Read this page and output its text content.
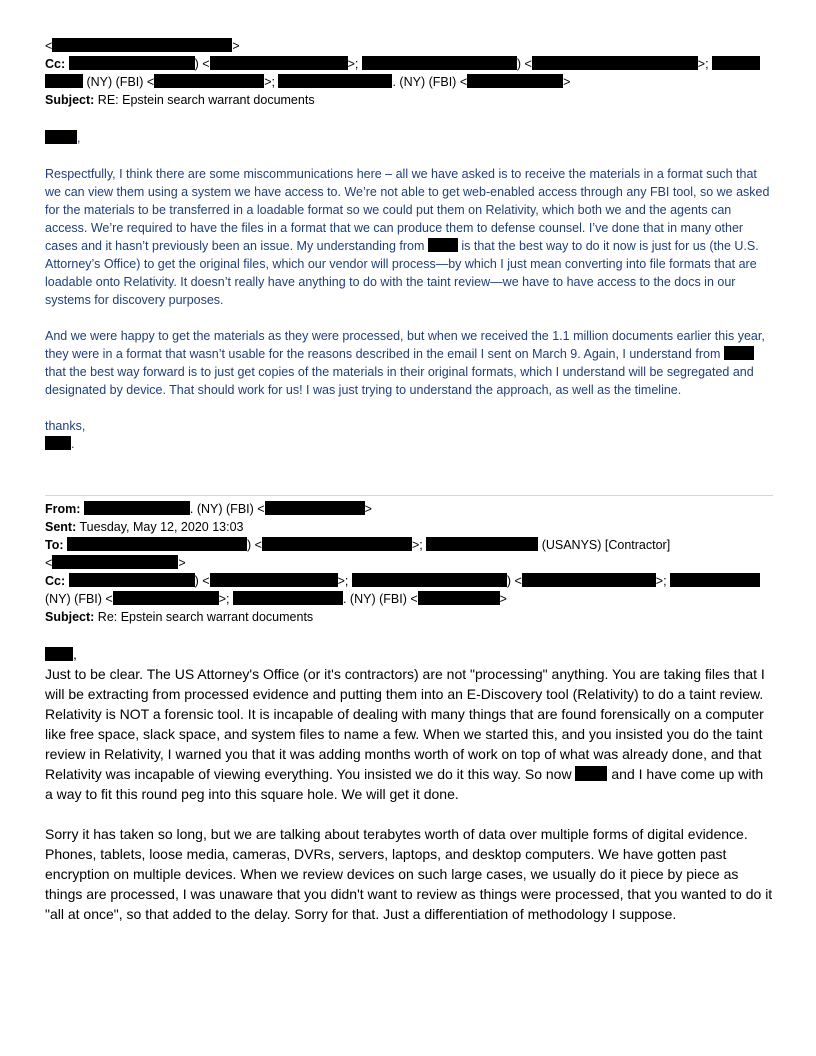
<	>
Cc:	) <	>;	) <	>;
(NY) (FBI) <	>;	. (NY) (FBI) <	>
Subject: RE: Epstein search warrant documents

,

Respectfully, I think there are some miscommunications here – all we have asked is to receive the materials in a format such that we can view them using a system we have access to. We’re not able to get web-enabled access through any FBI tool, so we asked for the materials to be transferred in a loadable format so we could put them on Relativity, which both we and the agents can access. We’re required to have the files in a format that we can produce them to defense counsel. I’ve done that in many other cases and it hasn’t previously been an issue. My understanding from	is that the best way to do it now is just for us (the U.S. Attorney’s Office) to get the original files, which our vendor will process—by which I just mean converting into file formats that are loadable onto Relativity. It doesn’t really have anything to do with the taint review—we have to have access to the docs in our systems for discovery purposes.

And we were happy to get the materials as they were processed, but when we received the 1.1 million documents earlier this year, they were in a format that wasn’t usable for the reasons described in the email I sent on March 9. Again, I understand from  that the best way forward is to just get copies of the materials in their original formats, which I understand will be segregated and designated by device. That should work for us! I was just trying to understand the approach, as well as the timeline.

thanks,

.

From:	. (NY) (FBI) <	>
Sent: Tuesday, May 12, 2020 13:03
To:	) <	>;	(USANYS) [Contractor]
<	>
Cc:	) <	>;	) <	>;
(NY) (FBI) <	>;	. (NY) (FBI) <	>
Subject: Re: Epstein search warrant documents

,

Just to be clear. The US Attorney's Office (or it's contractors) are not "processing" anything. You are taking files that I will be extracting from processed evidence and putting them into an E-Discovery tool (Relativity) to do a taint review.

Relativity is NOT a forensic tool. It is incapable of dealing with many things that are found forensically on a computer like free space, slack space, and system files to name a few. When we started this, and you insisted you do the taint review in Relativity, I warned you that it was adding months worth of work on top of what was already done, and that Relativity was incapable of viewing everything. You insisted we do it this way. So now	and I have come up with a way to fit this round peg into this square hole. We will get it done.

Sorry it has taken so long, but we are talking about terabytes worth of data over multiple forms of digital evidence. Phones, tablets, loose media, cameras, DVRs, servers, laptops, and desktop computers. We have gotten past encryption on multiple devices. When we review devices on such large cases, we usually do it piece by piece as things are processed, I was unaware that you didn't want to review as things were processed, that you wanted to do it "all at once", so that added to the delay. Sorry for that. Just a differentiation of methodology I suppose.
